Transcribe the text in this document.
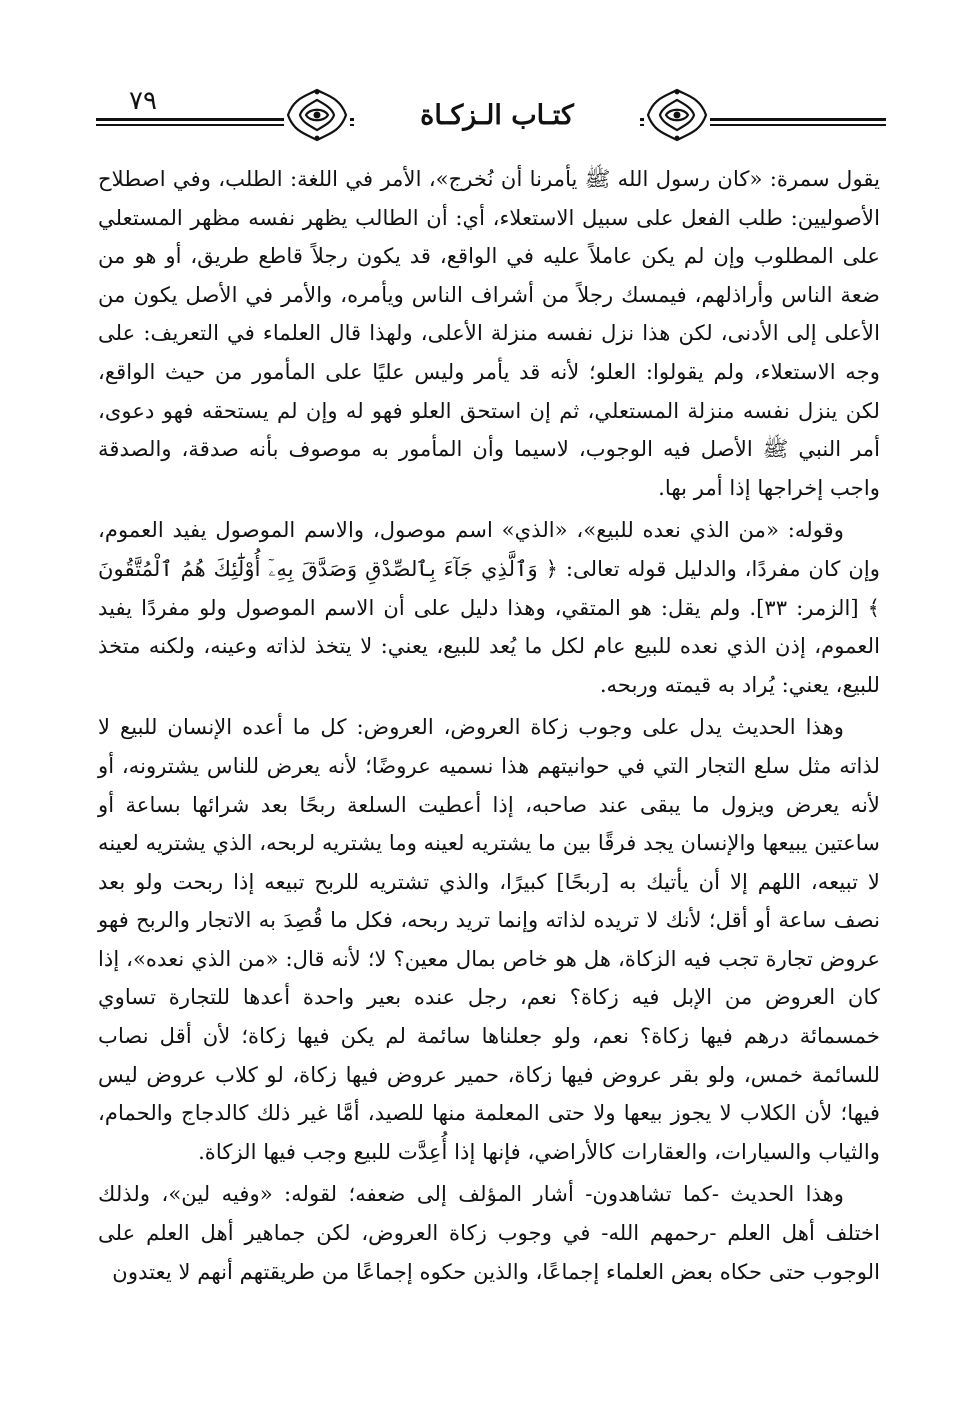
٧٩	كتـاب الـزكـاة

يقول سمرة: «كان رسول الله ﷺ يأمرنا أن نُخرج»، الأمر في اللغة: الطلب، وفي اصطلاح الأصوليين: طلب الفعل على سبيل الاستعلاء، أي: أن الطالب يظهر نفسه مظهر المستعلي على المطلوب وإن لم يكن عاملاً عليه في الواقع، قد يكون رجلاً قاطع طريق، أو هو من ضعة الناس وأراذلهم، فيمسك رجلاً من أشراف الناس ويأمره، والأمر في الأصل يكون من الأعلى إلى الأدنى، لكن هذا نزل نفسه منزلة الأعلى، ولهذا قال العلماء في التعريف: على وجه الاستعلاء، ولم يقولوا: العلو؛ لأنه قد يأمر وليس عليًا على المأمور من حيث الواقع، لكن ينزل نفسه منزلة المستعلي، ثم إن استحق العلو فهو له وإن لم يستحقه فهو دعوى، أمر النبي ﷺ الأصل فيه الوجوب، لاسيما وأن المأمور به موصوف بأنه صدقة، والصدقة واجب إخراجها إذا أمر بها.

وقوله: «من الذي نعده للبيع»، «الذي» اسم موصول، والاسم الموصول يفيد العموم، وإن كان مفردًا، والدليل قوله تعالى: ﴿ وَٱلَّذِي جَآءَ بِٱلصِّدْقِ وَصَدَّقَ بِهِۦٓ أُوْلَٰٓئِكَ هُمُ ٱلْمُتَّقُونَ ﴾ [الزمر: ٣٣]. ولم يقل: هو المتقي، وهذا دليل على أن الاسم الموصول ولو مفردًا يفيد العموم، إذن الذي نعده للبيع عام لكل ما يُعد للبيع، يعني: لا يتخذ لذاته وعينه، ولكنه متخذ للبيع، يعني: يُراد به قيمته وربحه.

وهذا الحديث يدل على وجوب زكاة العروض، العروض: كل ما أعده الإنسان للبيع لا لذاته مثل سلع التجار التي في حوانيتهم هذا نسميه عروضًا؛ لأنه يعرض للناس يشترونه، أو لأنه يعرض ويزول ما يبقى عند صاحبه، إذا أعطيت السلعة ربحًا بعد شرائها بساعة أو ساعتين يبيعها والإنسان يجد فرقًا بين ما يشتريه لعينه وما يشتريه لربحه، الذي يشتريه لعينه لا تبيعه، اللهم إلا أن يأتيك به [ربحًا] كبيرًا، والذي تشتريه للربح تبيعه إذا ربحت ولو بعد نصف ساعة أو أقل؛ لأنك لا تريده لذاته وإنما تريد ربحه، فكل ما قُصِدَ به الاتجار والربح فهو عروض تجارة تجب فيه الزكاة، هل هو خاص بمال معين؟ لا؛ لأنه قال: «من الذي نعده»، إذا كان العروض من الإبل فيه زكاة؟ نعم، رجل عنده بعير واحدة أعدها للتجارة تساوي خمسمائة درهم فيها زكاة؟ نعم، ولو جعلناها سائمة لم يكن فيها زكاة؛ لأن أقل نصاب للسائمة خمس، ولو بقر عروض فيها زكاة، حمير عروض فيها زكاة، لو كلاب عروض ليس فيها؛ لأن الكلاب لا يجوز بيعها ولا حتى المعلمة منها للصيد، أمَّا غير ذلك كالدجاج والحمام، والثياب والسيارات، والعقارات كالأراضي، فإنها إذا أُعِدَّت للبيع وجب فيها الزكاة.

وهذا الحديث -كما تشاهدون- أشار المؤلف إلى ضعفه؛ لقوله: «وفيه لين»، ولذلك اختلف أهل العلم -رحمهم الله- في وجوب زكاة العروض، لكن جماهير أهل العلم على الوجوب حتى حكاه بعض العلماء إجماعًا، والذين حكوه إجماعًا من طريقتهم أنهم لا يعتدون
